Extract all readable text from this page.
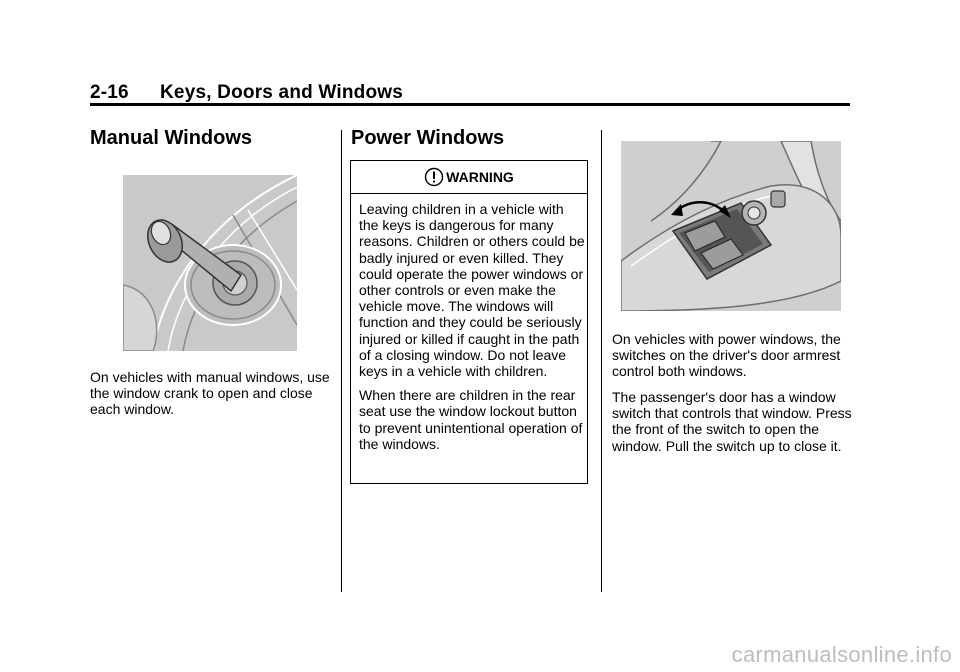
2-16 Keys, Doors and Windows
Manual Windows

On vehicles with manual windows, use the window crank to open and close each window.

Power Windows
WARNING

Leaving children in a vehicle with the keys is dangerous for many reasons. Children or others could be badly injured or even killed. They could operate the power windows or other controls or even make the vehicle move. The windows will function and they could be seriously injured or killed if caught in the path of a closing window. Do not leave keys in a vehicle with children.

When there are children in the rear seat use the window lockout button to prevent unintentional operation of the windows.

On vehicles with power windows, the switches on the driver's door armrest control both windows.

The passenger's door has a window switch that controls that window. Press the front of the switch to open the window. Pull the switch up to close it.

carmanualsonline.info
